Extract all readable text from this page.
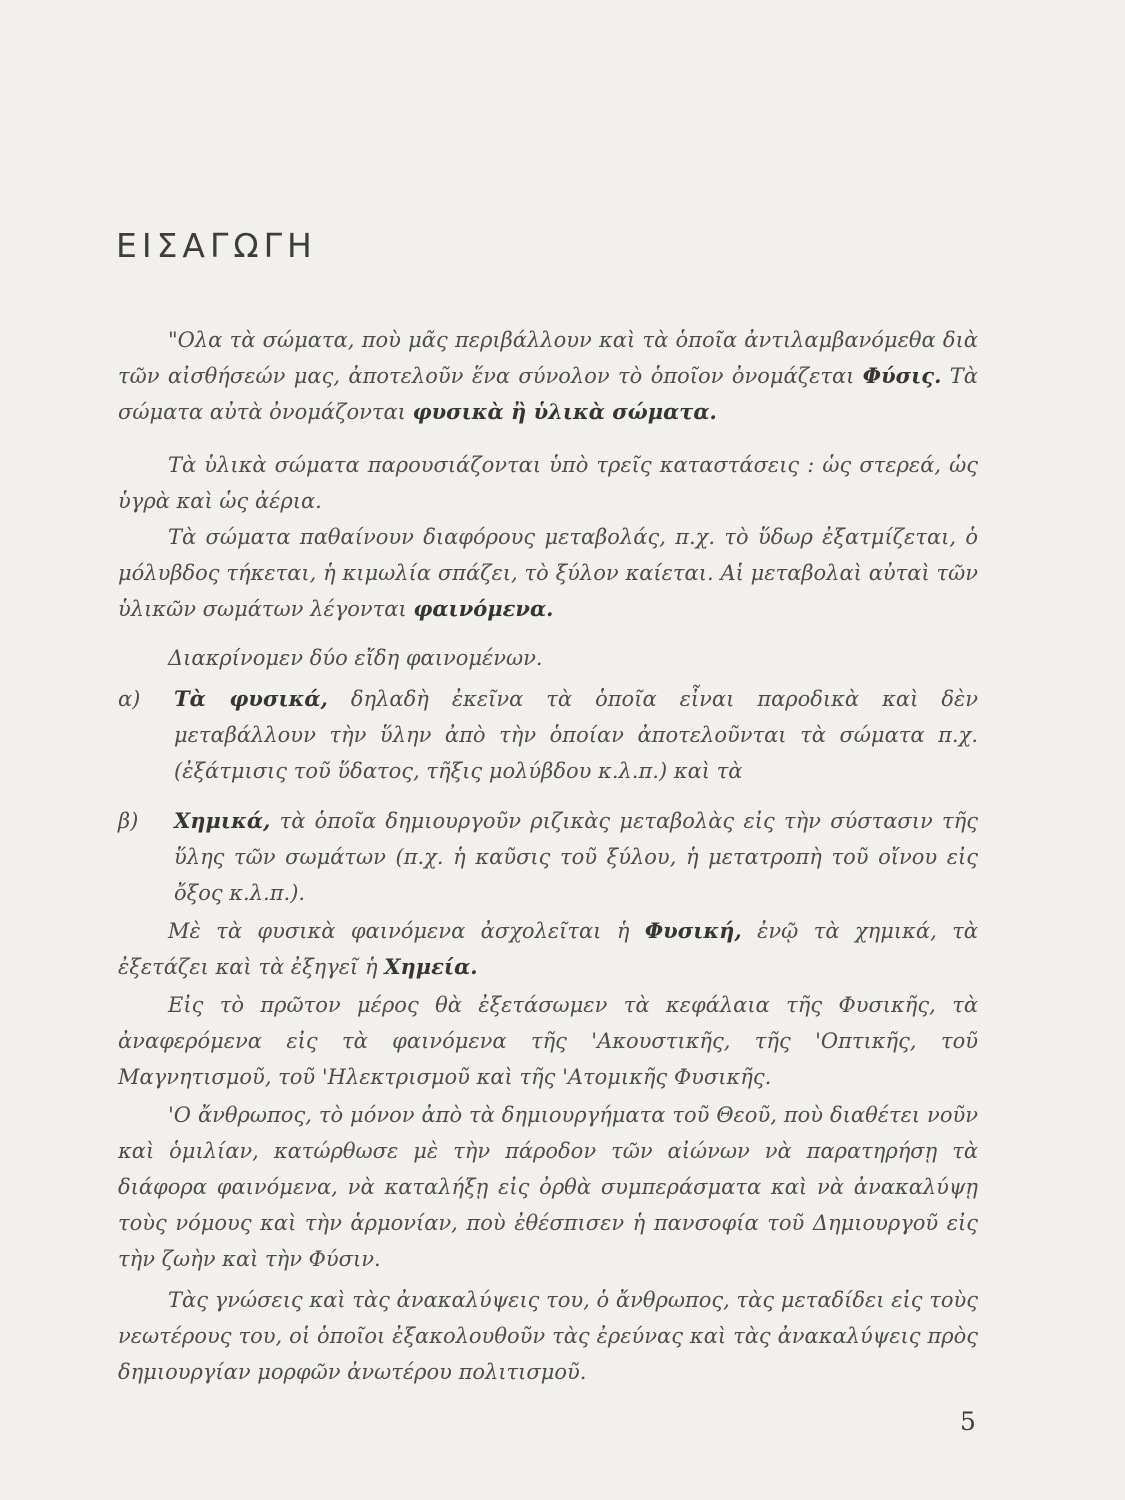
ΕΙΣΑΓΩΓΗ

"Ολα τὰ σώματα, ποὺ μᾶς περιβάλλουν καὶ τὰ ὁποῖα ἀντιλαμβανόμεθα διὰ τῶν αἰσθήσεών μας, ἀποτελοῦν ἕνα σύνολον τὸ ὁποῖον ὀνομάζεται Φύσις. Τὰ σώματα αὐτὰ ὀνομάζονται φυσικὰ ἢ ὑλικὰ σώματα.

Τὰ ὑλικὰ σώματα παρουσιάζονται ὑπὸ τρεῖς καταστάσεις : ὡς στερεά, ὡς ὑγρὰ καὶ ὡς ἀέρια.

Τὰ σώματα παθαίνουν διαφόρους μεταβολάς, π.χ. τὸ ὕδωρ ἐξατμίζεται, ὁ μόλυβδος τήκεται, ἡ κιμωλία σπάζει, τὸ ξύλον καίεται. Αἱ μεταβολαὶ αὐταὶ τῶν ὑλικῶν σωμάτων λέγονται φαινόμενα.

Διακρίνομεν δύο εἴδη φαινομένων.

α)	Τὰ φυσικά, δηλαδὴ ἐκεῖνα τὰ ὁποῖα εἶναι παροδικὰ καὶ δὲν μεταβάλλουν τὴν ὕλην ἀπὸ τὴν ὁποίαν ἀποτελοῦνται τὰ σώματα π.χ. (ἐξάτμισις τοῦ ὕδατος, τῆξις μολύβδου κ.λ.π.) καὶ τὰ
β)	Χημικά, τὰ ὁποῖα δημιουργοῦν ριζικὰς μεταβολὰς εἰς τὴν σύστασιν τῆς ὕλης τῶν σωμάτων (π.χ. ἡ καῦσις τοῦ ξύλου, ἡ μετατροπὴ τοῦ οἴνου εἰς ὄξος κ.λ.π.).

Μὲ τὰ φυσικὰ φαινόμενα ἀσχολεῖται ἡ Φυσική, ἐνῷ τὰ χημικά, τὰ ἐξετάζει καὶ τὰ ἐξηγεῖ ἡ Χημεία.

Εἰς τὸ πρῶτον μέρος θὰ ἐξετάσωμεν τὰ κεφάλαια τῆς Φυσικῆς, τὰ ἀναφερόμενα εἰς τὰ φαινόμενα τῆς 'Ακουστικῆς, τῆς 'Οπτικῆς, τοῦ Μαγνητισμοῦ, τοῦ 'Ηλεκτρισμοῦ καὶ τῆς 'Ατομικῆς Φυσικῆς.

'Ο ἄνθρωπος, τὸ μόνον ἀπὸ τὰ δημιουργήματα τοῦ Θεοῦ, ποὺ διαθέτει νοῦν καὶ ὁμιλίαν, κατώρθωσε μὲ τὴν πάροδον τῶν αἰώνων νὰ παρατηρήσῃ τὰ διάφορα φαινόμενα, νὰ καταλήξῃ εἰς ὀρθὰ συμπεράσματα καὶ νὰ ἀνακαλύψῃ τοὺς νόμους καὶ τὴν ἁρμονίαν, ποὺ ἐθέσπισεν ἡ πανσοφία τοῦ Δημιουργοῦ εἰς τὴν ζωὴν καὶ τὴν Φύσιν.

Τὰς γνώσεις καὶ τὰς ἀνακαλύψεις του, ὁ ἄνθρωπος, τὰς μεταδίδει εἰς τοὺς νεωτέρους του, οἱ ὁποῖοι ἐξακολουθοῦν τὰς ἐρεύνας καὶ τὰς ἀνακαλύψεις πρὸς δημιουργίαν μορφῶν ἀνωτέρου πολιτισμοῦ.

5
